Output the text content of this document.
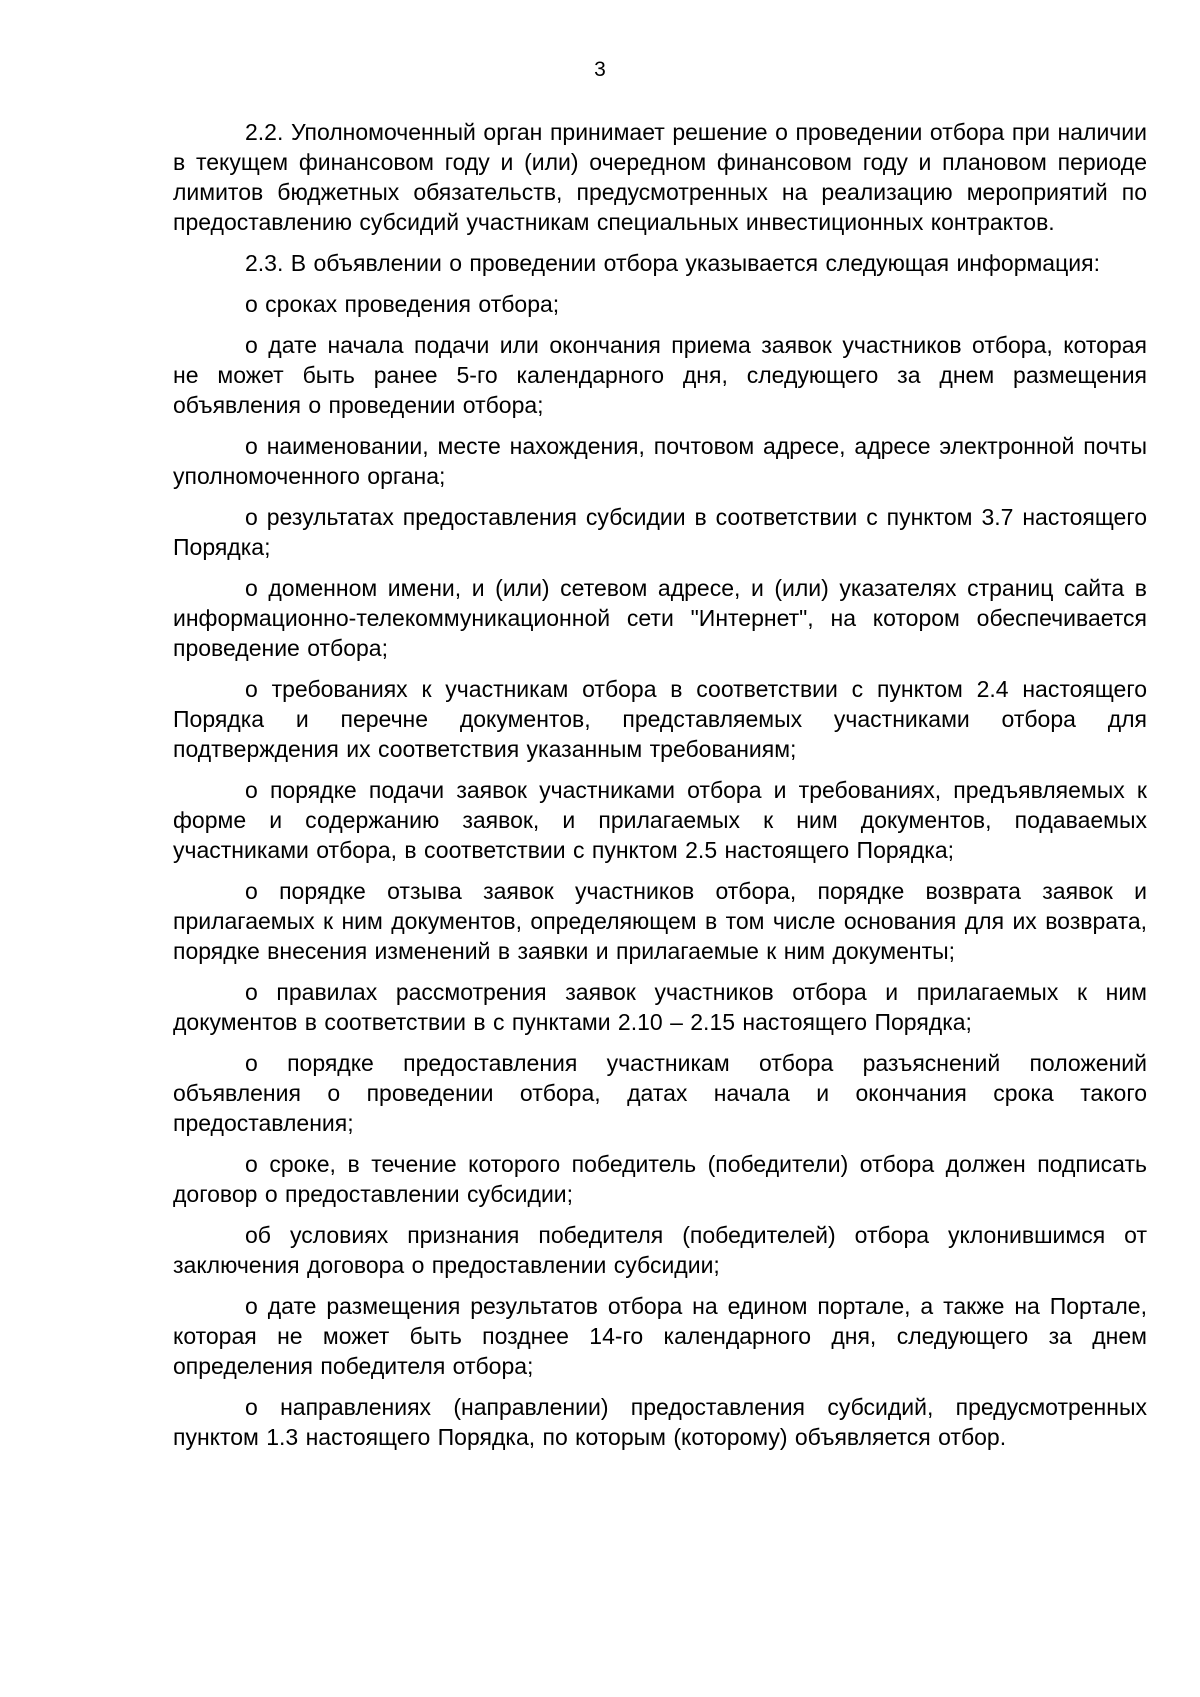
3

2.2. Уполномоченный орган принимает решение о проведении отбора при наличии в текущем финансовом году и (или) очередном финансовом году и плановом периоде лимитов бюджетных обязательств, предусмотренных на реализацию мероприятий по предоставлению субсидий участникам специальных инвестиционных контрактов.

2.3. В объявлении о проведении отбора указывается следующая информация:

о сроках проведения отбора;

о дате начала подачи или окончания приема заявок участников отбора, которая не может быть ранее 5-го календарного дня, следующего за днем размещения объявления о проведении отбора;

о наименовании, месте нахождения, почтовом адресе, адресе электронной почты уполномоченного органа;

о результатах предоставления субсидии в соответствии с пунктом 3.7 настоящего Порядка;

о доменном имени, и (или) сетевом адресе, и (или) указателях страниц сайта в информационно-телекоммуникационной сети "Интернет", на котором обеспечивается проведение отбора;

о требованиях к участникам отбора в соответствии с пунктом 2.4 настоящего Порядка и перечне документов, представляемых участниками отбора для подтверждения их соответствия указанным требованиям;

о порядке подачи заявок участниками отбора и требованиях, предъявляемых к форме и содержанию заявок, и прилагаемых к ним документов, подаваемых участниками отбора, в соответствии с пунктом 2.5 настоящего Порядка;

о порядке отзыва заявок участников отбора, порядке возврата заявок и прилагаемых к ним документов, определяющем в том числе основания для их возврата, порядке внесения изменений в заявки и прилагаемые к ним документы;

о правилах рассмотрения заявок участников отбора и прилагаемых к ним документов в соответствии в с пунктами 2.10 – 2.15 настоящего Порядка;

о порядке предоставления участникам отбора разъяснений положений объявления о проведении отбора, датах начала и окончания срока такого предоставления;

о сроке, в течение которого победитель (победители) отбора должен подписать договор о предоставлении субсидии;

об условиях признания победителя (победителей) отбора уклонившимся от заключения договора о предоставлении субсидии;

о дате размещения результатов отбора на едином портале, а также на Портале, которая не может быть позднее 14-го календарного дня, следующего за днем определения победителя отбора;

о направлениях (направлении) предоставления субсидий, предусмотренных пунктом 1.3 настоящего Порядка, по которым (которому) объявляется отбор.
